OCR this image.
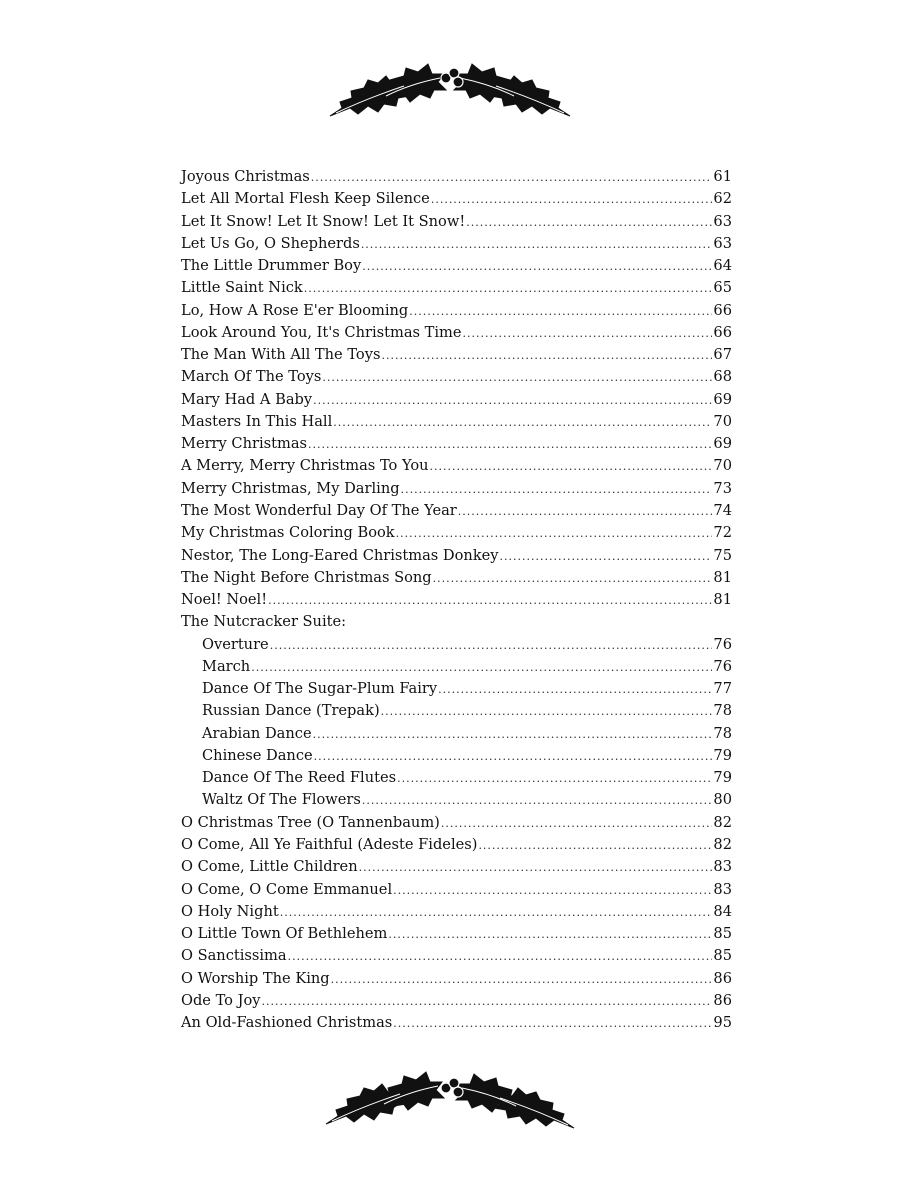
Joyous Christmas .....	61
Let All Mortal Flesh Keep Silence .....	62
Let It Snow! Let It Snow! Let It Snow! .....	63
Let Us Go, O Shepherds .....	63
The Little Drummer Boy .....	64
Little Saint Nick .....	65
Lo, How A Rose E'er Blooming .....	66
Look Around You, It's Christmas Time .....	66
The Man With All The Toys .....	67
March Of The Toys .....	68
Mary Had A Baby .....	69
Masters In This Hall .....	70
Merry Christmas .....	69
A Merry, Merry Christmas To You .....	70
Merry Christmas, My Darling .....	73
The Most Wonderful Day Of The Year .....	74
My Christmas Coloring Book .....	72
Nestor, The Long-Eared Christmas Donkey .....	75
The Night Before Christmas Song .....	81
Noel! Noel! .....	81
The Nutcracker Suite:
Overture .....	76
March .....	76
Dance Of The Sugar-Plum Fairy .....	77
Russian Dance (Trepak) .....	78
Arabian Dance .....	78
Chinese Dance .....	79
Dance Of The Reed Flutes .....	79
Waltz Of The Flowers .....	80
O Christmas Tree (O Tannenbaum) .....	82
O Come, All Ye Faithful (Adeste Fideles) .....	82
O Come, Little Children .....	83
O Come, O Come Emmanuel .....	83
O Holy Night .....	84
O Little Town Of Bethlehem .....	85
O Sanctissima .....	85
O Worship The King .....	86
Ode To Joy .....	86
An Old-Fashioned Christmas .....	95
